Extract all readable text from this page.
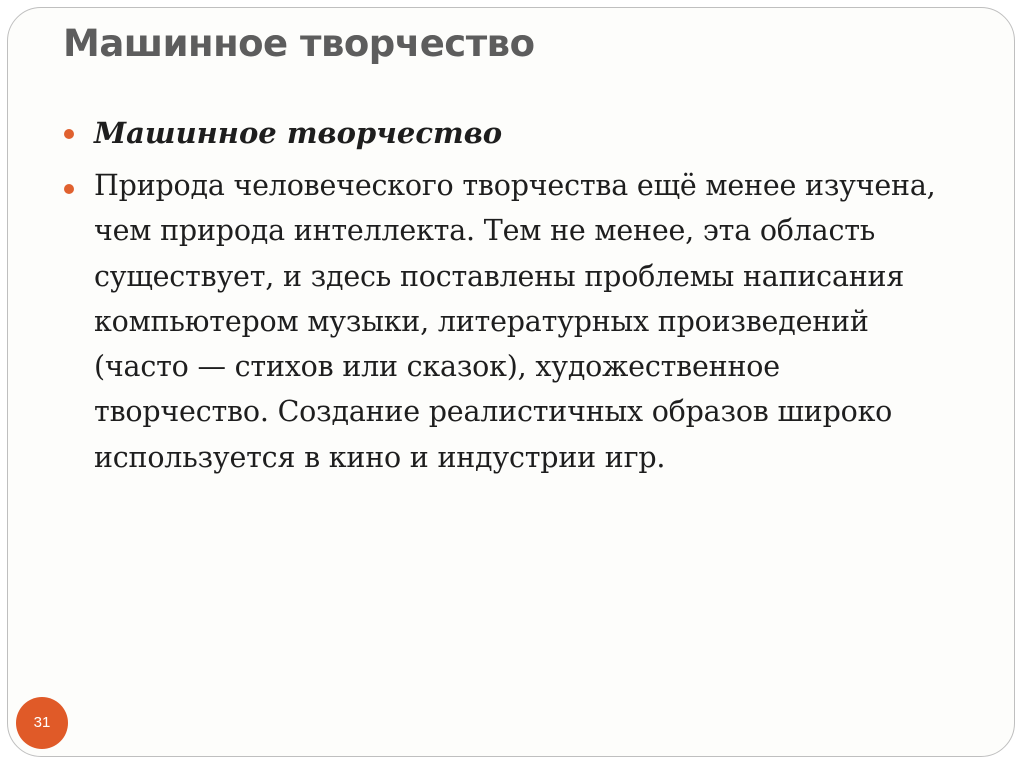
Машинное творчество
Машинное творчество
Природа человеческого творчества ещё менее изучена, чем природа интеллекта. Тем не менее, эта область существует, и здесь поставлены проблемы написания компьютером музыки, литературных произведений (часто — стихов или сказок), художественное творчество. Создание реалистичных образов широко используется в кино и индустрии игр.
31
